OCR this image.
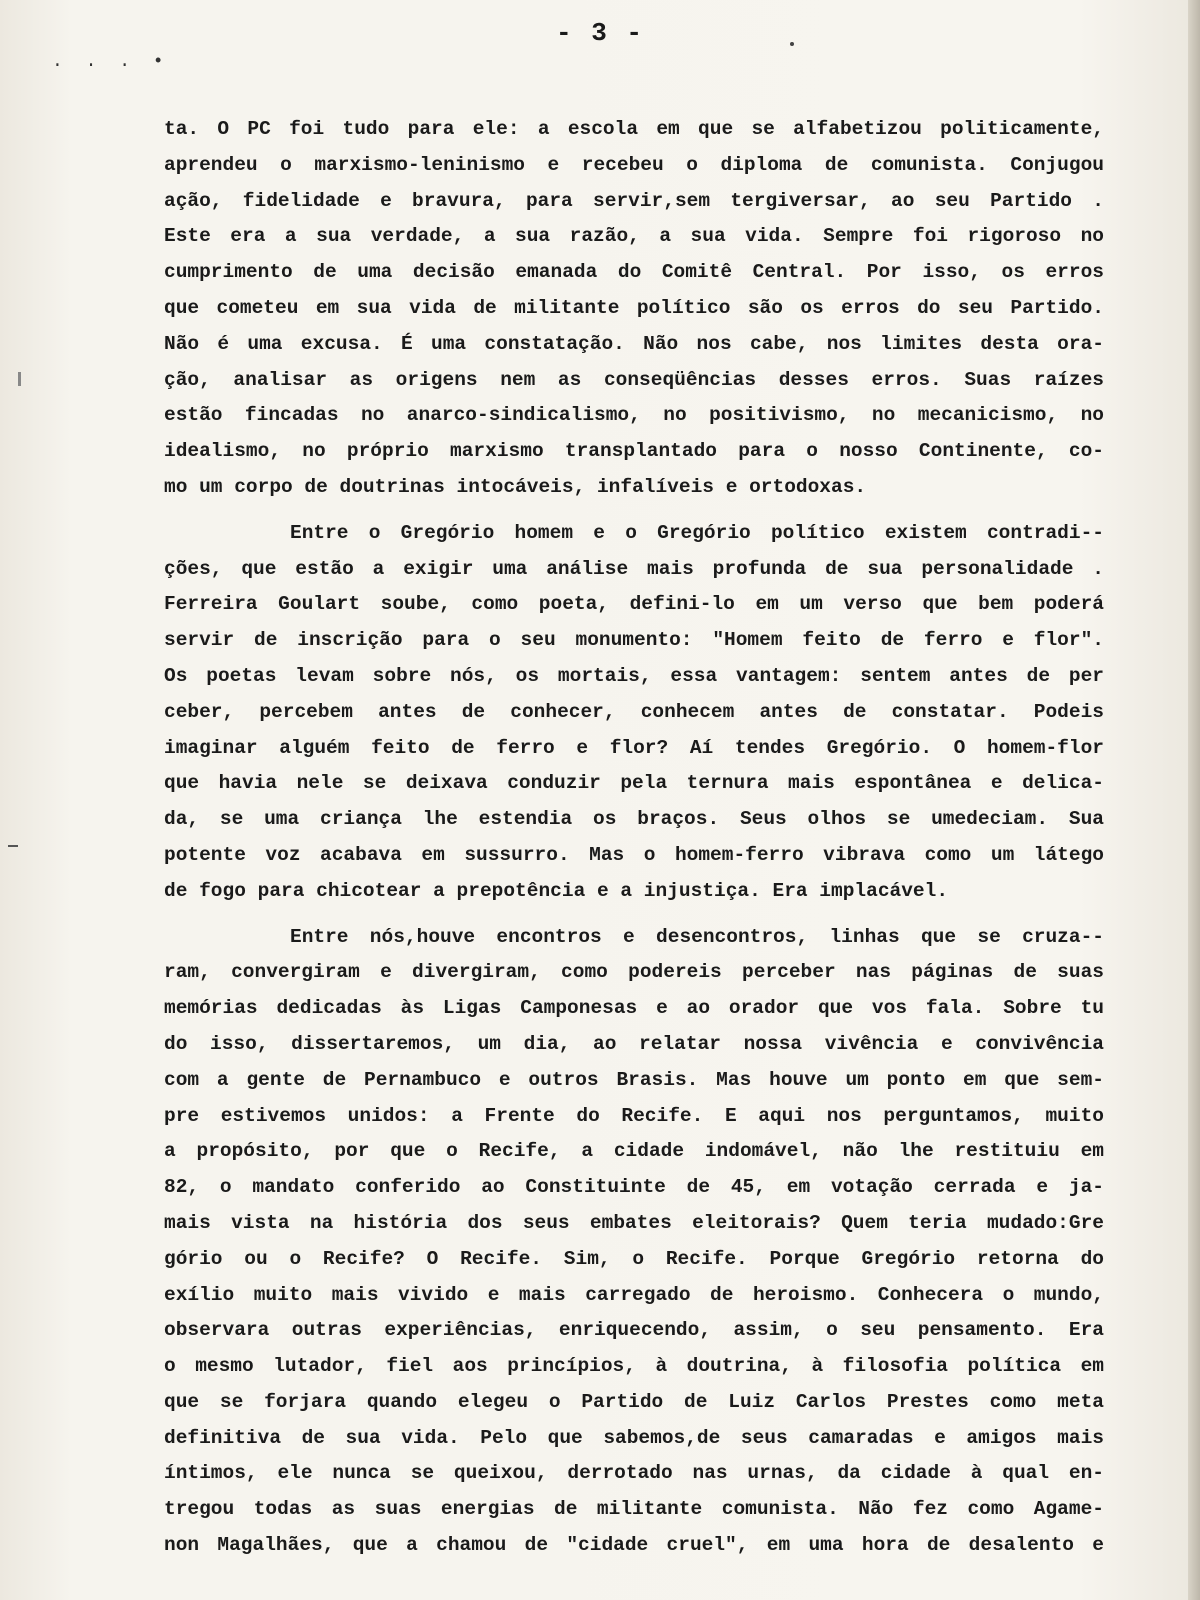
. . . •
- 3 -
ta. O PC foi tudo para ele: a escola em que se alfabetizou politicamente,
aprendeu o marxismo-leninismo e recebeu o diploma de comunista. Conjugou
ação, fidelidade e bravura, para servir,sem tergiversar, ao seu Partido .
Este era a sua verdade, a sua razão, a sua vida. Sempre foi rigoroso no
cumprimento de uma decisão emanada do Comitê Central. Por isso, os erros
que cometeu em sua vida de militante político são os erros do seu Partido.
Não é uma excusa. É uma constatação. Não nos cabe, nos limites desta ora-
ção, analisar as origens nem as conseqüências desses erros. Suas raízes
estão fincadas no anarco-sindicalismo, no positivismo, no mecanicismo, no
idealismo, no próprio marxismo transplantado para o nosso Continente, co-
mo um corpo de doutrinas intocáveis, infalíveis e ortodoxas.
Entre o Gregório homem e o Gregório político existem contradi--
ções, que estão a exigir uma análise mais profunda de sua personalidade .
Ferreira Goulart soube, como poeta, defini-lo em um verso que bem poderá
servir de inscrição para o seu monumento: "Homem feito de ferro e flor".
Os poetas levam sobre nós, os mortais, essa vantagem: sentem antes de per
ceber, percebem antes de conhecer, conhecem antes de constatar. Podeis
imaginar alguém feito de ferro e flor? Aí tendes Gregório. O homem-flor
que havia nele se deixava conduzir pela ternura mais espontânea e delica-
da, se uma criança lhe estendia os braços. Seus olhos se umedeciam. Sua
potente voz acabava em sussurro. Mas o homem-ferro vibrava como um látego
de fogo para chicotear a prepotência e a injustiça. Era implacável.
Entre nós,houve encontros e desencontros, linhas que se cruza--
ram, convergiram e divergiram, como podereis perceber nas páginas de suas
memórias dedicadas às Ligas Camponesas e ao orador que vos fala. Sobre tu
do isso, dissertaremos, um dia, ao relatar nossa vivência e convivência
com a gente de Pernambuco e outros Brasis. Mas houve um ponto em que sem-
pre estivemos unidos: a Frente do Recife. E aqui nos perguntamos, muito
a propósito, por que o Recife, a cidade indomável, não lhe restituiu em
82, o mandato conferido ao Constituinte de 45, em votação cerrada e ja-
mais vista na história dos seus embates eleitorais? Quem teria mudado:Gre
gório ou o Recife? O Recife. Sim, o Recife. Porque Gregório retorna do
exílio muito mais vivido e mais carregado de heroismo. Conhecera o mundo,
observara outras experiências, enriquecendo, assim, o seu pensamento. Era
o mesmo lutador, fiel aos princípios, à doutrina, à filosofia política em
que se forjara quando elegeu o Partido de Luiz Carlos Prestes como meta
definitiva de sua vida. Pelo que sabemos,de seus camaradas e amigos mais
íntimos, ele nunca se queixou, derrotado nas urnas, da cidade à qual en-
tregou todas as suas energias de militante comunista. Não fez como Agame-
non Magalhães, que a chamou de "cidade cruel", em uma hora de desalento e
